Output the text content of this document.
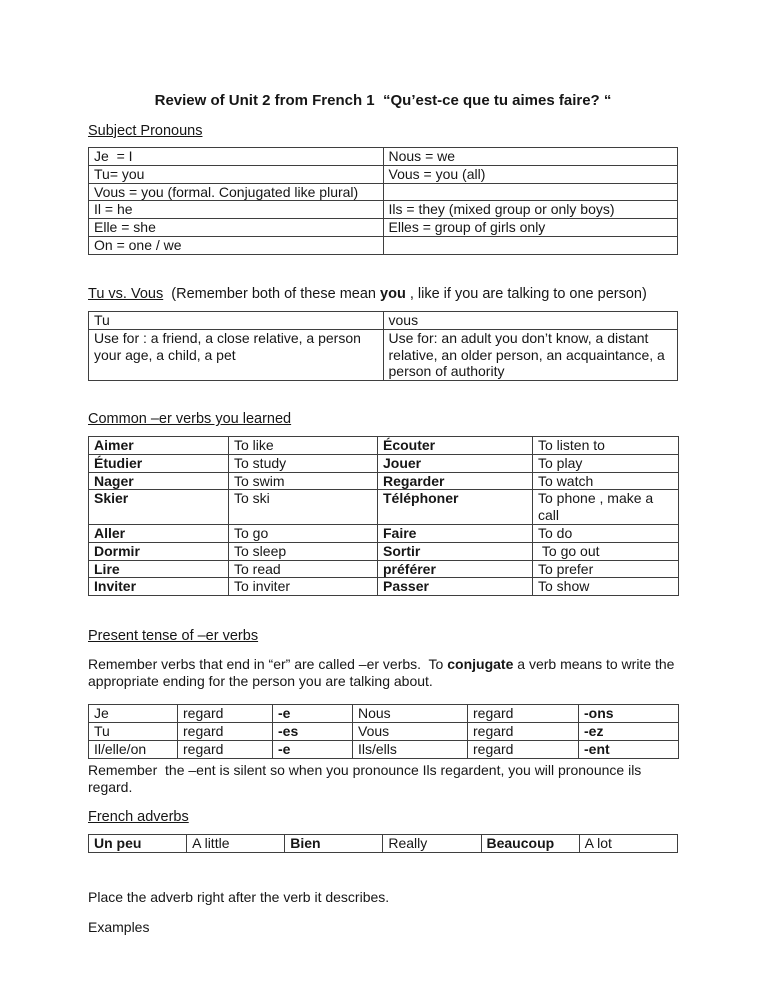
Review of Unit 2 from French 1  “Qu’est-ce que tu aimes faire? “
Subject Pronouns
Je  = I	Nous = we
Tu= you	Vous = you (all)
Vous = you (formal. Conjugated like plural)	
Il = he	Ils = they (mixed group or only boys)
Elle = she	Elles = group of girls only
On = one / we	
Tu vs. Vous  (Remember both of these mean you , like if you are talking to one person)
Tu	vous
Use for : a friend, a close relative, a person your age, a child, a pet	Use for: an adult you don’t know, a distant relative, an older person, an acquaintance, a person of authority
Common –er verbs you learned
Aimer	To like	Écouter	To listen to
Étudier	To study	Jouer	To play
Nager	To swim	Regarder	To watch
Skier	To ski	Téléphoner	To phone , make a call
Aller	To go	Faire	To do
Dormir	To sleep	Sortir	To go out
Lire	To read	préférer	To prefer
Inviter	To inviter	Passer	To show
Present tense of –er verbs

Remember verbs that end in “er” are called –er verbs.  To conjugate a verb means to write the appropriate ending for the person you are talking about.

Je	regard	-e	Nous	regard	-ons
Tu	regard	-es	Vous	regard	-ez
Il/elle/on	regard	-e	Ils/ells	regard	-ent

Remember  the –ent is silent so when you pronounce Ils regardent, you will pronounce ils regard.

French adverbs
Un peu	A little	Bien	Really	Beaucoup	A lot

Place the adverb right after the verb it describes.

Examples
